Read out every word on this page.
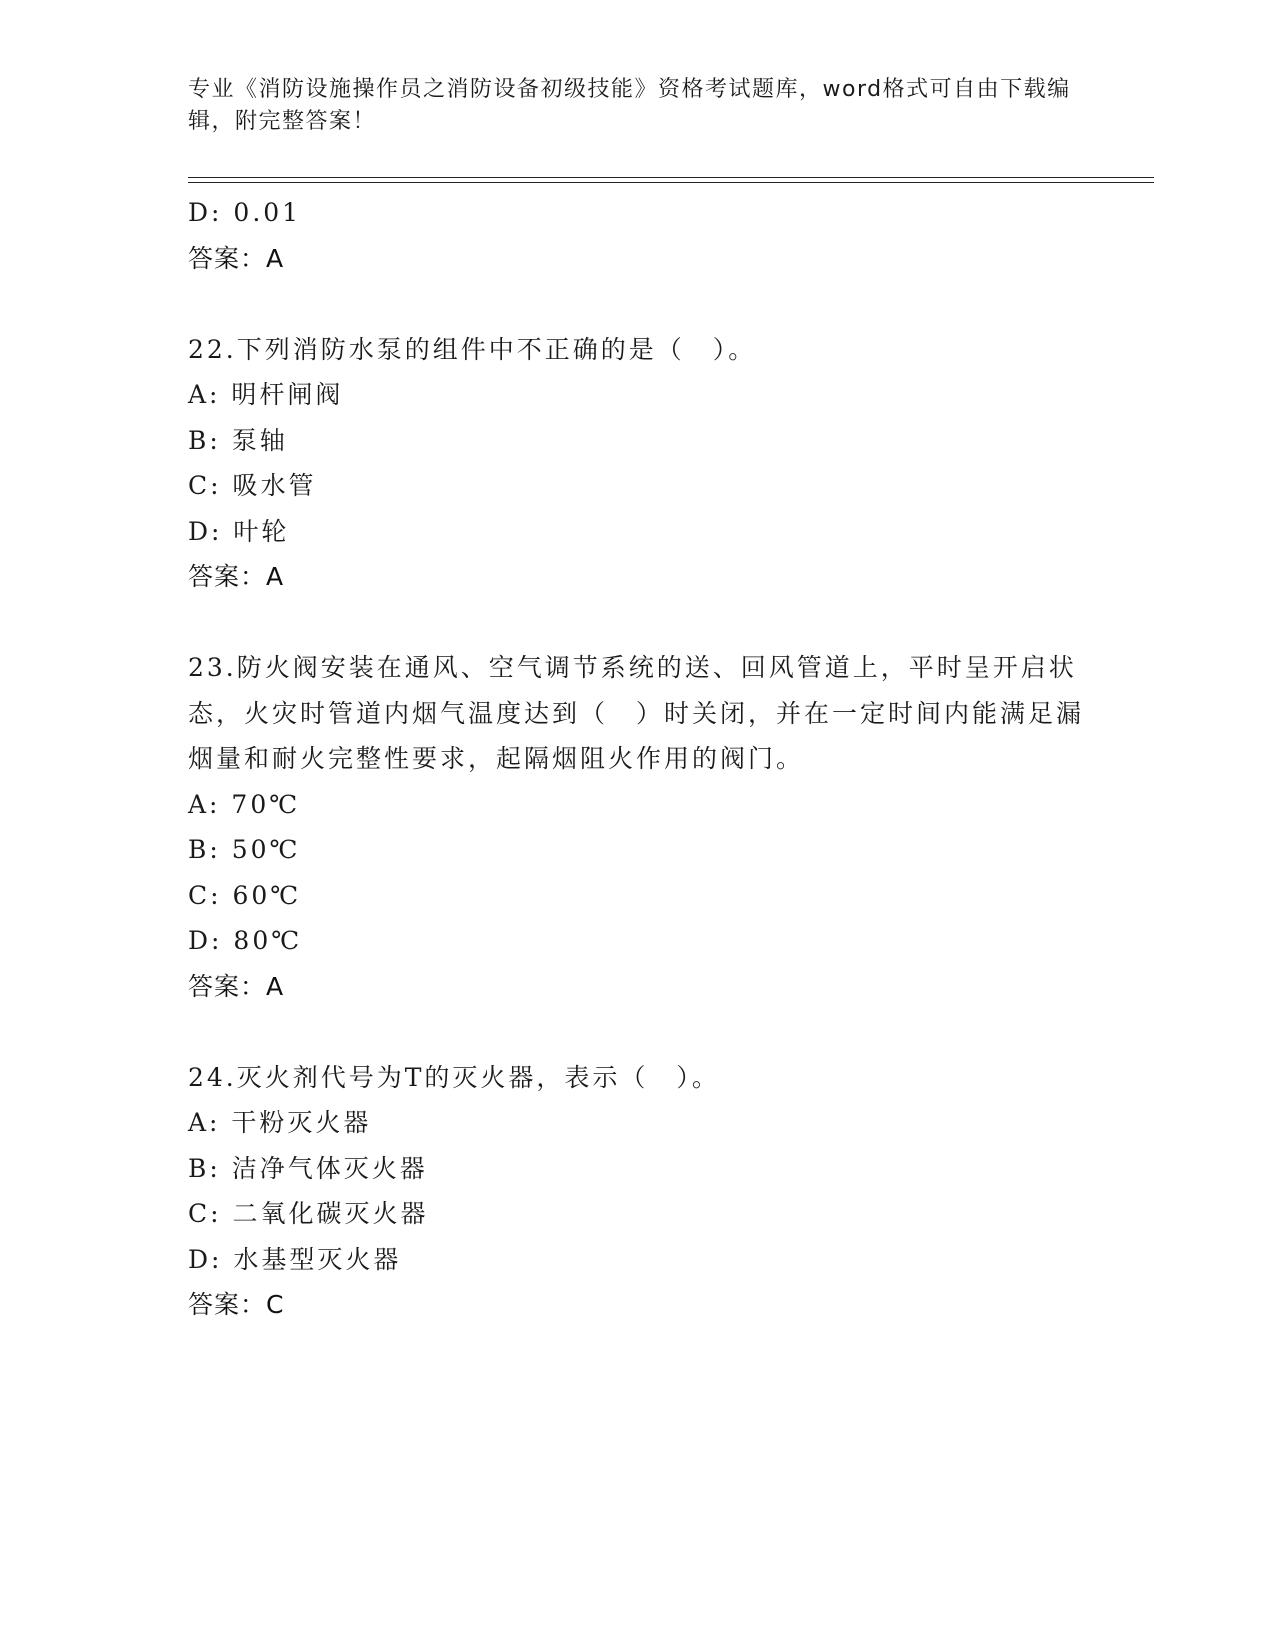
专业《消防设施操作员之消防设备初级技能》资格考试题库，word格式可自由下载编辑，附完整答案！
D: 0.01
答案：A
22.下列消防水泵的组件中不正确的是（　）。
A: 明杆闸阀
B: 泵轴
C: 吸水管
D: 叶轮
答案：A
23.防火阀安装在通风、空气调节系统的送、回风管道上，平时呈开启状态，火灾时管道内烟气温度达到（　）时关闭，并在一定时间内能满足漏烟量和耐火完整性要求，起隔烟阻火作用的阀门。
A: 70℃
B: 50℃
C: 60℃
D: 80℃
答案：A
24.灭火剂代号为T的灭火器，表示（　）。
A: 干粉灭火器
B: 洁净气体灭火器
C: 二氧化碳灭火器
D: 水基型灭火器
答案：C
